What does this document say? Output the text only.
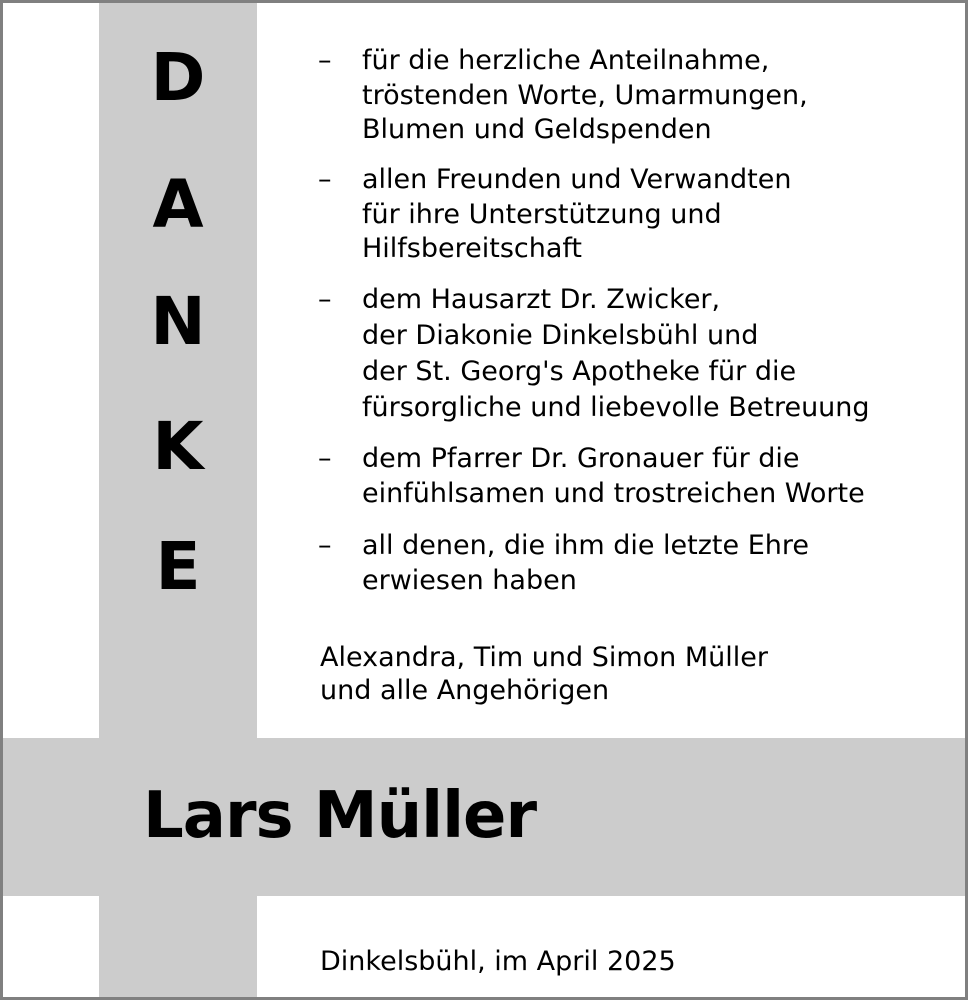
D
A
N
K
E
– für die herzliche Anteilnahme,
tröstenden Worte, Umarmungen,
Blumen und Geldspenden
– allen Freunden und Verwandten
für ihre Unterstützung und
Hilfsbereitschaft
– dem Hausarzt Dr. Zwicker,
der Diakonie Dinkelsbühl und
der St. Georg's Apotheke für die
fürsorgliche und liebevolle Betreuung
– dem Pfarrer Dr. Gronauer für die
einfühlsamen und trostreichen Worte
– all denen, die ihm die letzte Ehre
erwiesen haben
Alexandra, Tim und Simon Müller
und alle Angehörigen
Lars Müller
Dinkelsbühl, im April 2025
